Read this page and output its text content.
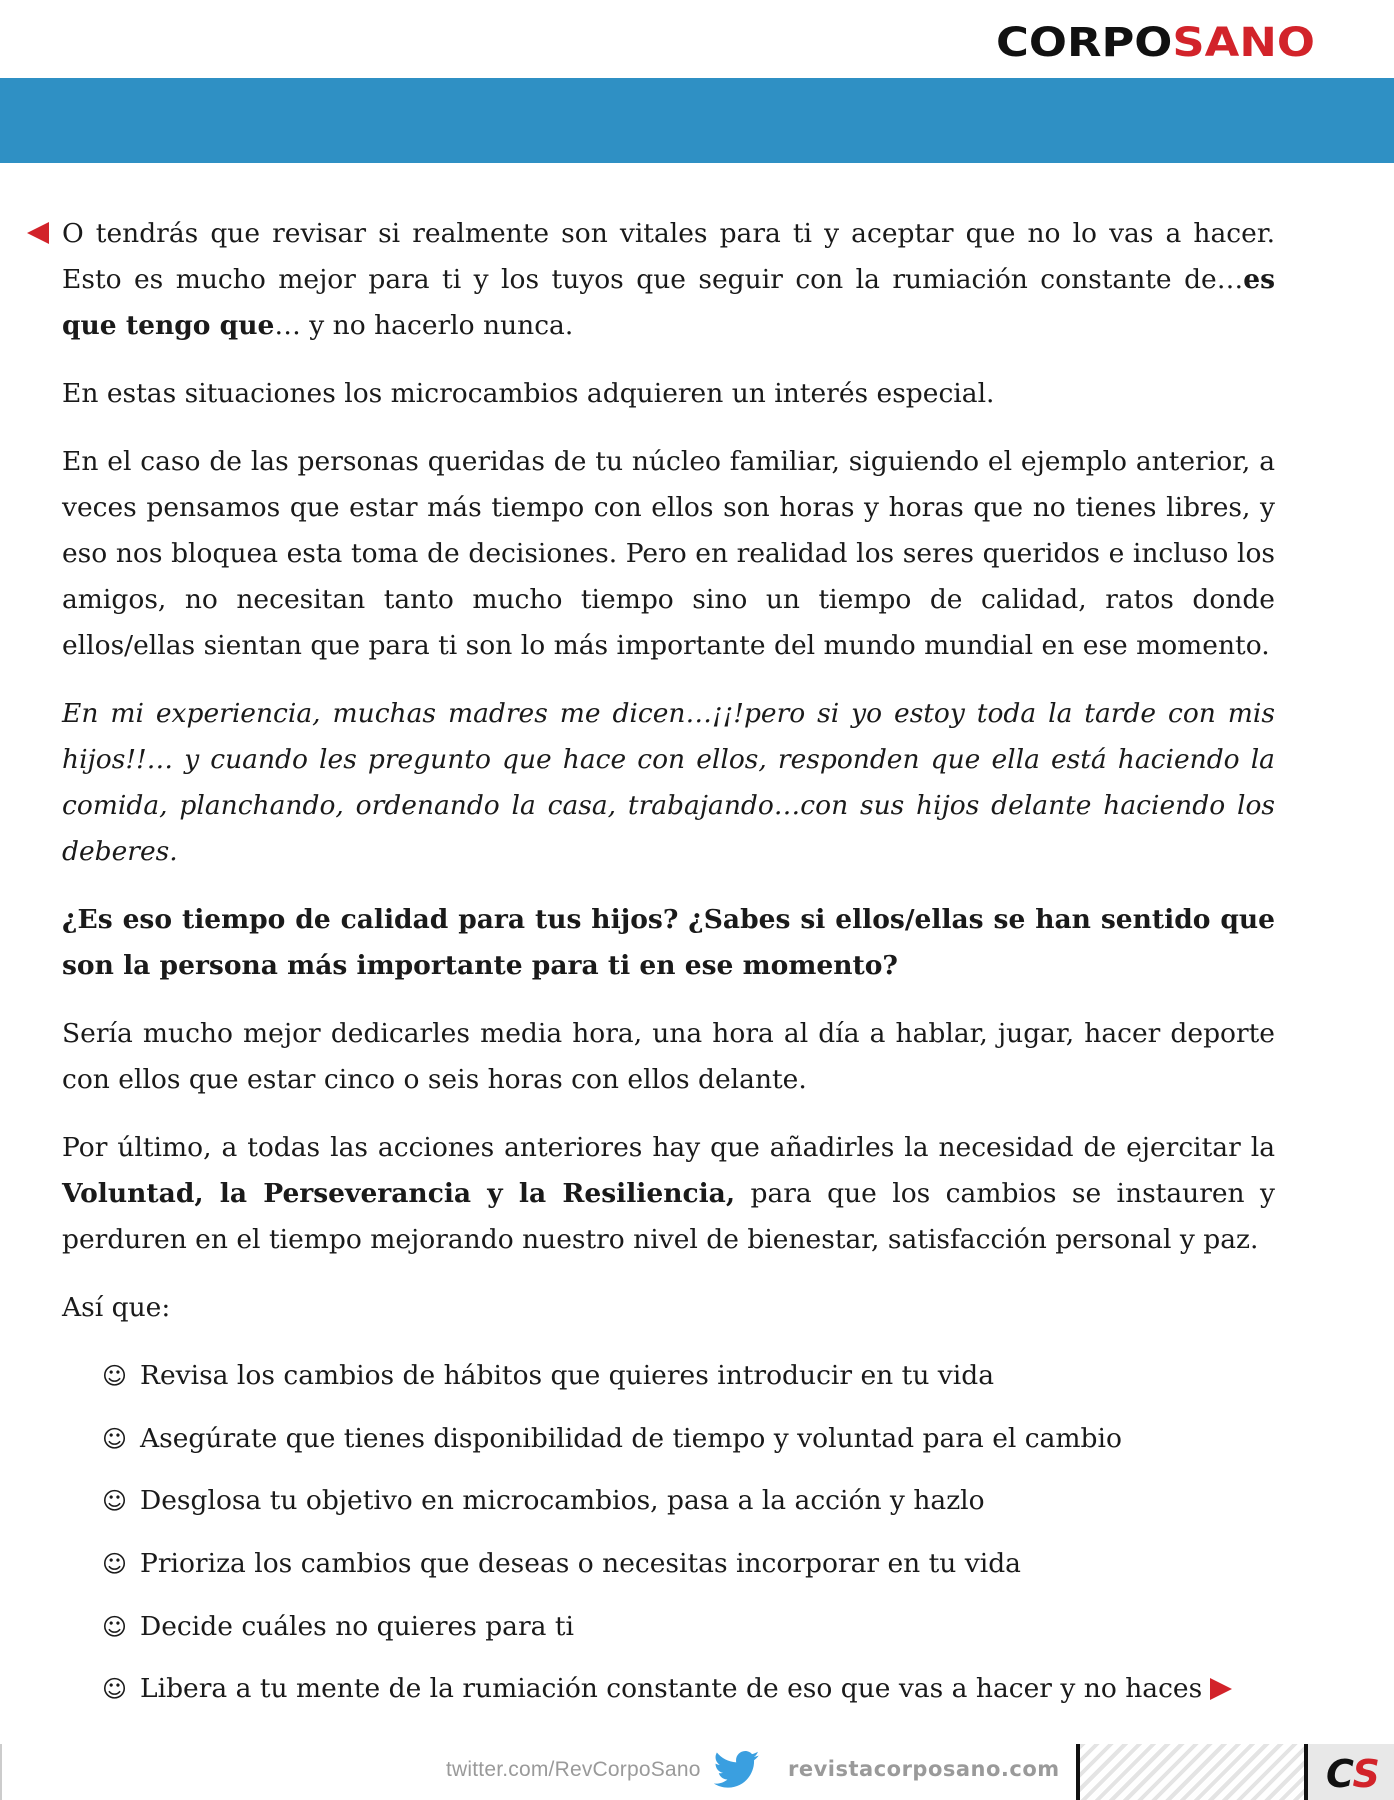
CORPOSANO

O tendrás que revisar si realmente son vitales para ti y aceptar que no lo vas a hacer. Esto es mucho mejor para ti y los tuyos que seguir con la rumiación constante de…es que tengo que… y no hacerlo nunca.

En estas situaciones los microcambios adquieren un interés especial.

En el caso de las personas queridas de tu núcleo familiar, siguiendo el ejemplo anterior, a veces pensamos que estar más tiempo con ellos son horas y horas que no tienes libres, y eso nos bloquea esta toma de decisiones. Pero en realidad los seres queridos e incluso los amigos, no necesitan tanto mucho tiempo sino un tiempo de calidad, ratos donde ellos/ellas sientan que para ti son lo más importante del mundo mundial en ese momento.

En mi experiencia, muchas madres me dicen…¡¡!pero si yo estoy toda la tarde con mis hijos!!… y cuando les pregunto que hace con ellos, responden que ella está haciendo la comida, planchando, ordenando la casa, trabajando…con sus hijos delante haciendo los deberes.

¿Es eso tiempo de calidad para tus hijos? ¿Sabes si ellos/ellas se han sentido que son la persona más importante para ti en ese momento?

Sería mucho mejor dedicarles media hora, una hora al día a hablar, jugar, hacer deporte con ellos que estar cinco o seis horas con ellos delante.

Por último, a todas las acciones anteriores hay que añadirles la necesidad de ejercitar la Voluntad, la Perseverancia y la Resiliencia, para que los cambios se instauren y perduren en el tiempo mejorando nuestro nivel de bienestar, satisfacción personal y paz.

Así que:

☺ Revisa los cambios de hábitos que quieres introducir en tu vida
☺ Asegúrate que tienes disponibilidad de tiempo y voluntad para el cambio
☺ Desglosa tu objetivo en microcambios, pasa a la acción y hazlo
☺ Prioriza los cambios que deseas o necesitas incorporar en tu vida
☺ Decide cuáles no quieres para ti
☺ Libera a tu mente de la rumiación constante de eso que vas a hacer y no haces
twitter.com/RevCorpoSano	revistacorposano.com	CS
